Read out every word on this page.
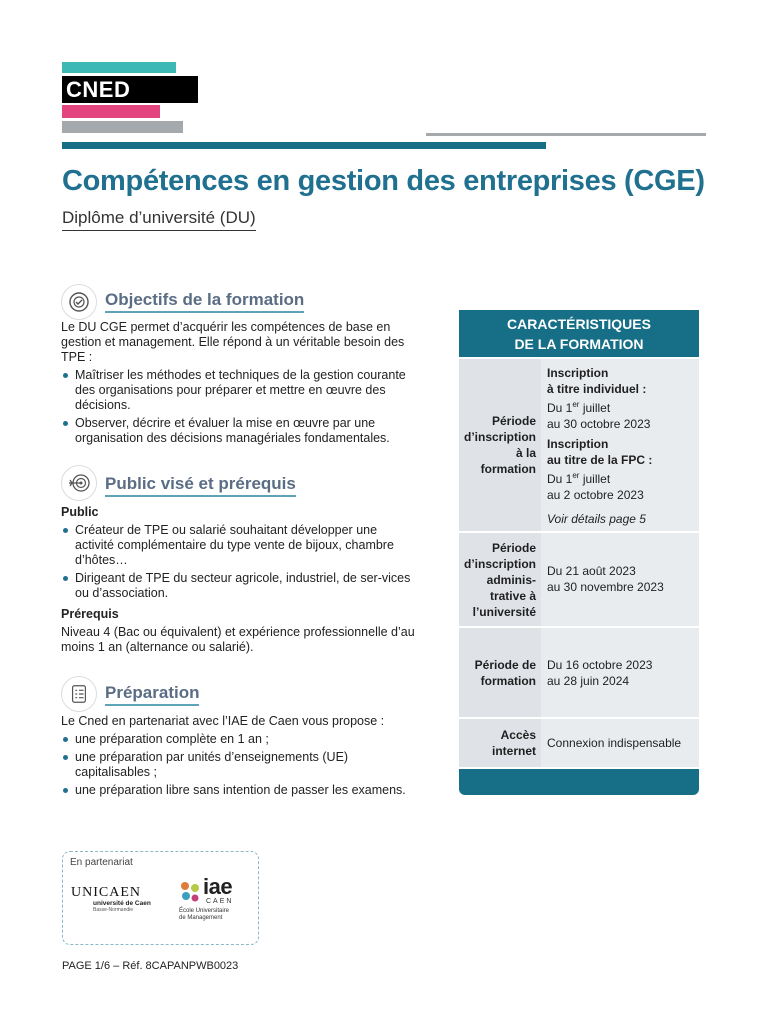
CNED
Compétences en gestion des entreprises (CGE)
Diplôme d’université (DU)
Objectifs de la formation

Le DU CGE permet d’acquérir les compétences de base en gestion et management. Elle répond à un véritable besoin des TPE :

Maîtriser les méthodes et techniques de la gestion courante des organisations pour préparer et mettre en œuvre des décisions.
Observer, décrire et évaluer la mise en œuvre par une organisation des décisions managériales fondamentales.
Public visé et prérequis

Public

Créateur de TPE ou salarié souhaitant développer une activité complémentaire du type vente de bijoux, chambre d’hôtes…
Dirigeant de TPE du secteur agricole, industriel, de ser-vices ou d’association.

Prérequis

Niveau 4 (Bac ou équivalent) et expérience professionnelle d’au moins 1 an (alternance ou salarié).

Préparation

Le Cned en partenariat avec l’IAE de Caen vous propose :

une préparation complète en 1 an ;
une préparation par unités d’enseignements (UE) capitalisables ;
une préparation libre sans intention de passer les examens.
CARACTÉRISTIQUES
DE LA FORMATION
Période d’inscription à la formation
Inscription
à titre individuel :
Du 1er juillet
au 30 octobre 2023
Inscription
au titre de la FPC :
Du 1er juillet
au 2 octobre 2023
Voir détails page 5
Période d’inscription adminis-trative à l’université
Du 21 août 2023
au 30 novembre 2023
Période de formation
Du 16 octobre 2023
au 28 juin 2024
Accès internet
Connexion indispensable
En partenariat
UNICAEN
université de Caen
Basse-Normandie
iae
CAEN
École Universitaire
de Management
PAGE 1/6 – Réf. 8CAPANPWB0023
